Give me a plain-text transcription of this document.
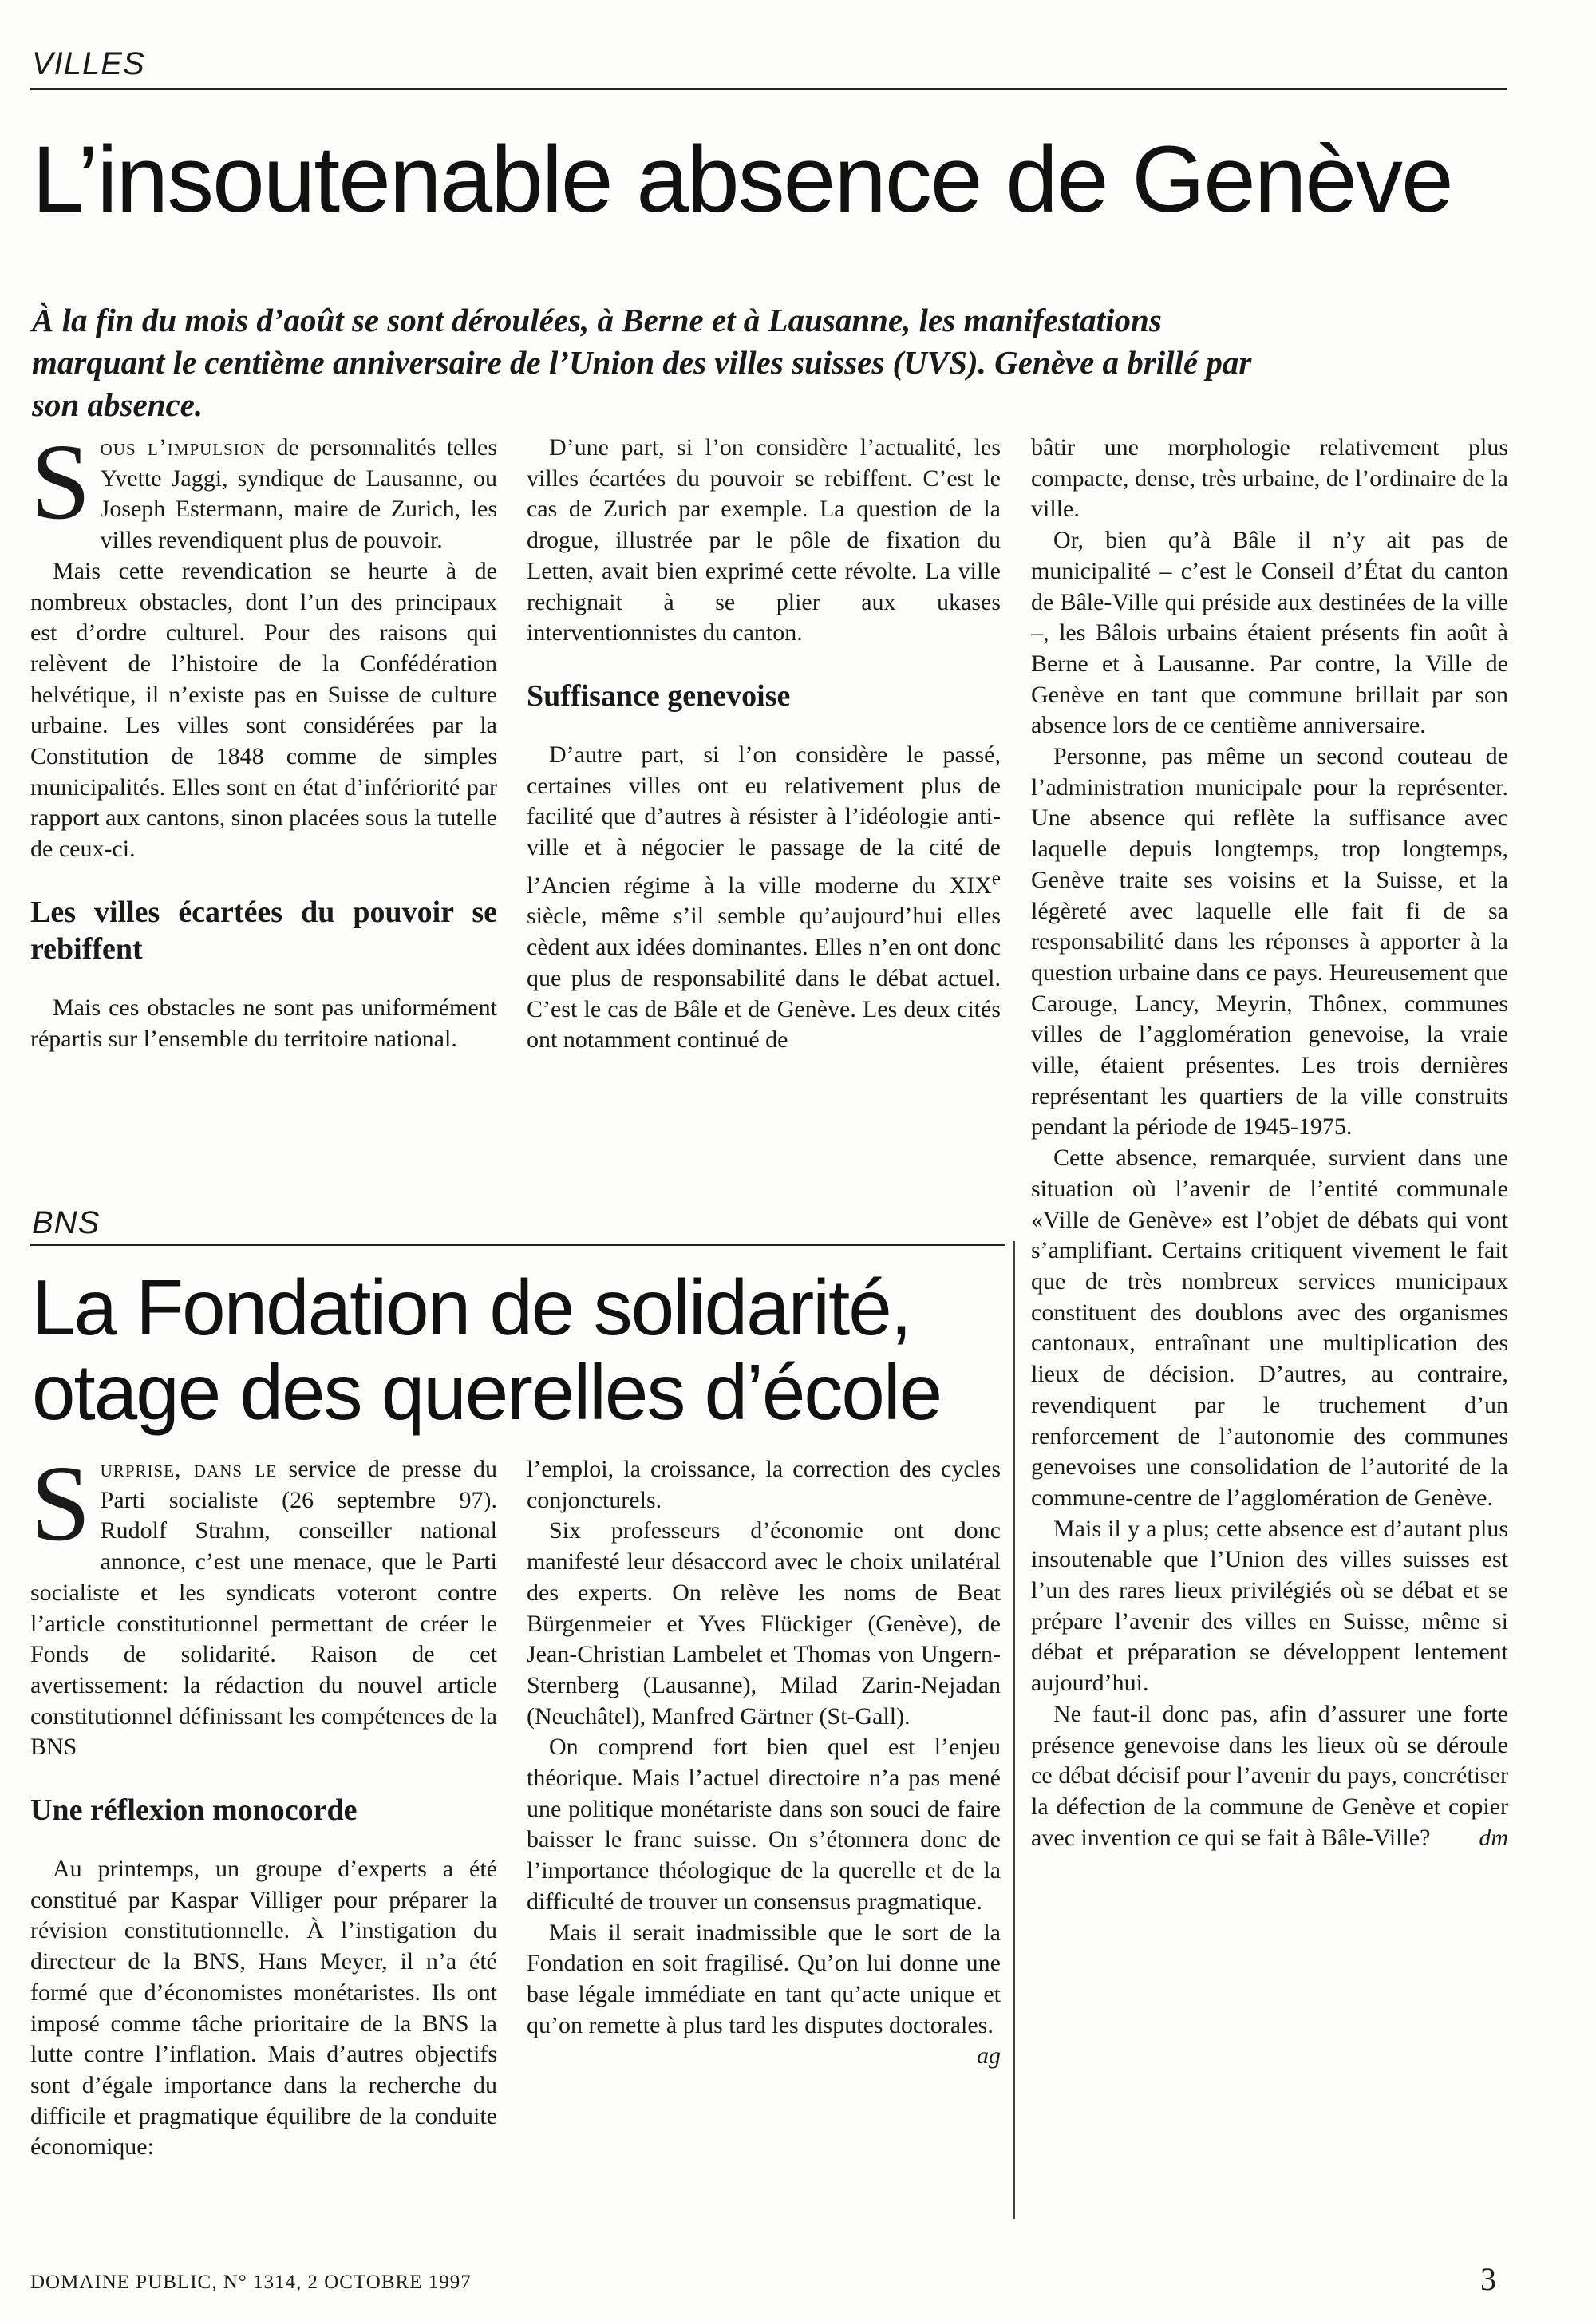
VILLES
L’insoutenable absence de Genève

À la fin du mois d’août se sont déroulées, à Berne et à Lausanne, les manifestations marquant le centième anniversaire de l’Union des villes suisses (UVS). Genève a brillé par son absence.

Sous l’impulsion de personnalités telles Yvette Jaggi, syndique de Lausanne, ou Joseph Estermann, maire de Zurich, les villes revendiquent plus de pouvoir.

Mais cette revendication se heurte à de nombreux obstacles, dont l’un des principaux est d’ordre culturel. Pour des raisons qui relèvent de l’histoire de la Confédération helvétique, il n’existe pas en Suisse de culture urbaine. Les villes sont considérées par la Constitution de 1848 comme de simples municipalités. Elles sont en état d’infériorité par rapport aux cantons, sinon placées sous la tutelle de ceux-ci.

Les villes écartées du pouvoir se rebiffent

Mais ces obstacles ne sont pas uniformément répartis sur l’ensemble du territoire national.

D’une part, si l’on considère l’actualité, les villes écartées du pouvoir se rebiffent. C’est le cas de Zurich par exemple. La question de la drogue, illustrée par le pôle de fixation du Letten, avait bien exprimé cette révolte. La ville rechignait à se plier aux ukases interventionnistes du canton.

Suffisance genevoise

D’autre part, si l’on considère le passé, certaines villes ont eu relativement plus de facilité que d’autres à résister à l’idéologie anti-ville et à négocier le passage de la cité de l’Ancien régime à la ville moderne du XIXe siècle, même s’il semble qu’aujourd’hui elles cèdent aux idées dominantes. Elles n’en ont donc que plus de responsabilité dans le débat actuel. C’est le cas de Bâle et de Genève. Les deux cités ont notamment continué de

bâtir une morphologie relativement plus compacte, dense, très urbaine, de l’ordinaire de la ville.

Or, bien qu’à Bâle il n’y ait pas de municipalité – c’est le Conseil d’État du canton de Bâle-Ville qui préside aux destinées de la ville –, les Bâlois urbains étaient présents fin août à Berne et à Lausanne. Par contre, la Ville de Genève en tant que commune brillait par son absence lors de ce centième anniversaire.

Personne, pas même un second couteau de l’administration municipale pour la représenter. Une absence qui reflète la suffisance avec laquelle depuis longtemps, trop longtemps, Genève traite ses voisins et la Suisse, et la légèreté avec laquelle elle fait fi de sa responsabilité dans les réponses à apporter à la question urbaine dans ce pays. Heureusement que Carouge, Lancy, Meyrin, Thônex, communes villes de l’agglomération genevoise, la vraie ville, étaient présentes. Les trois dernières représentant les quartiers de la ville construits pendant la période de 1945-1975.

Cette absence, remarquée, survient dans une situation où l’avenir de l’entité communale «Ville de Genève» est l’objet de débats qui vont s’amplifiant. Certains critiquent vivement le fait que de très nombreux services municipaux constituent des doublons avec des organismes cantonaux, entraînant une multiplication des lieux de décision. D’autres, au contraire, revendiquent par le truchement d’un renforcement de l’autonomie des communes genevoises une consolidation de l’autorité de la commune-centre de l’agglomération de Genève.

Mais il y a plus; cette absence est d’autant plus insoutenable que l’Union des villes suisses est l’un des rares lieux privilégiés où se débat et se prépare l’avenir des villes en Suisse, même si débat et préparation se développent lentement aujourd’hui.

Ne faut-il donc pas, afin d’assurer une forte présence genevoise dans les lieux où se déroule ce débat décisif pour l’avenir du pays, concrétiser la défection de la commune de Genève et copier avec invention ce qui se fait à Bâle-Ville?	dm

BNS
La Fondation de solidarité,
otage des querelles d’école

Surprise, dans le service de presse du Parti socialiste (26 septembre 97). Rudolf Strahm, conseiller national annonce, c’est une menace, que le Parti socialiste et les syndicats voteront contre l’article constitutionnel permettant de créer le Fonds de solidarité. Raison de cet avertissement: la rédaction du nouvel article constitutionnel définissant les compétences de la BNS

Une réflexion monocorde

Au printemps, un groupe d’experts a été constitué par Kaspar Villiger pour préparer la révision constitutionnelle. À l’instigation du directeur de la BNS, Hans Meyer, il n’a été formé que d’économistes monétaristes. Ils ont imposé comme tâche prioritaire de la BNS la lutte contre l’inflation. Mais d’autres objectifs sont d’égale importance dans la recherche du difficile et pragmatique équilibre de la conduite économique:

l’emploi, la croissance, la correction des cycles conjoncturels.

Six professeurs d’économie ont donc manifesté leur désaccord avec le choix unilatéral des experts. On relève les noms de Beat Bürgenmeier et Yves Flückiger (Genève), de Jean-Christian Lambelet et Thomas von Ungern-Sternberg (Lausanne), Milad Zarin-Nejadan (Neuchâtel), Manfred Gärtner (St-Gall).

On comprend fort bien quel est l’enjeu théorique. Mais l’actuel directoire n’a pas mené une politique monétariste dans son souci de faire baisser le franc suisse. On s’étonnera donc de l’importance théologique de la querelle et de la difficulté de trouver un consensus pragmatique.

Mais il serait inadmissible que le sort de la Fondation en soit fragilisé. Qu’on lui donne une base légale immédiate en tant qu’acte unique et qu’on remette à plus tard les disputes doctorales.
ag

DOMAINE PUBLIC, N° 1314, 2 OCTOBRE 1997	3
